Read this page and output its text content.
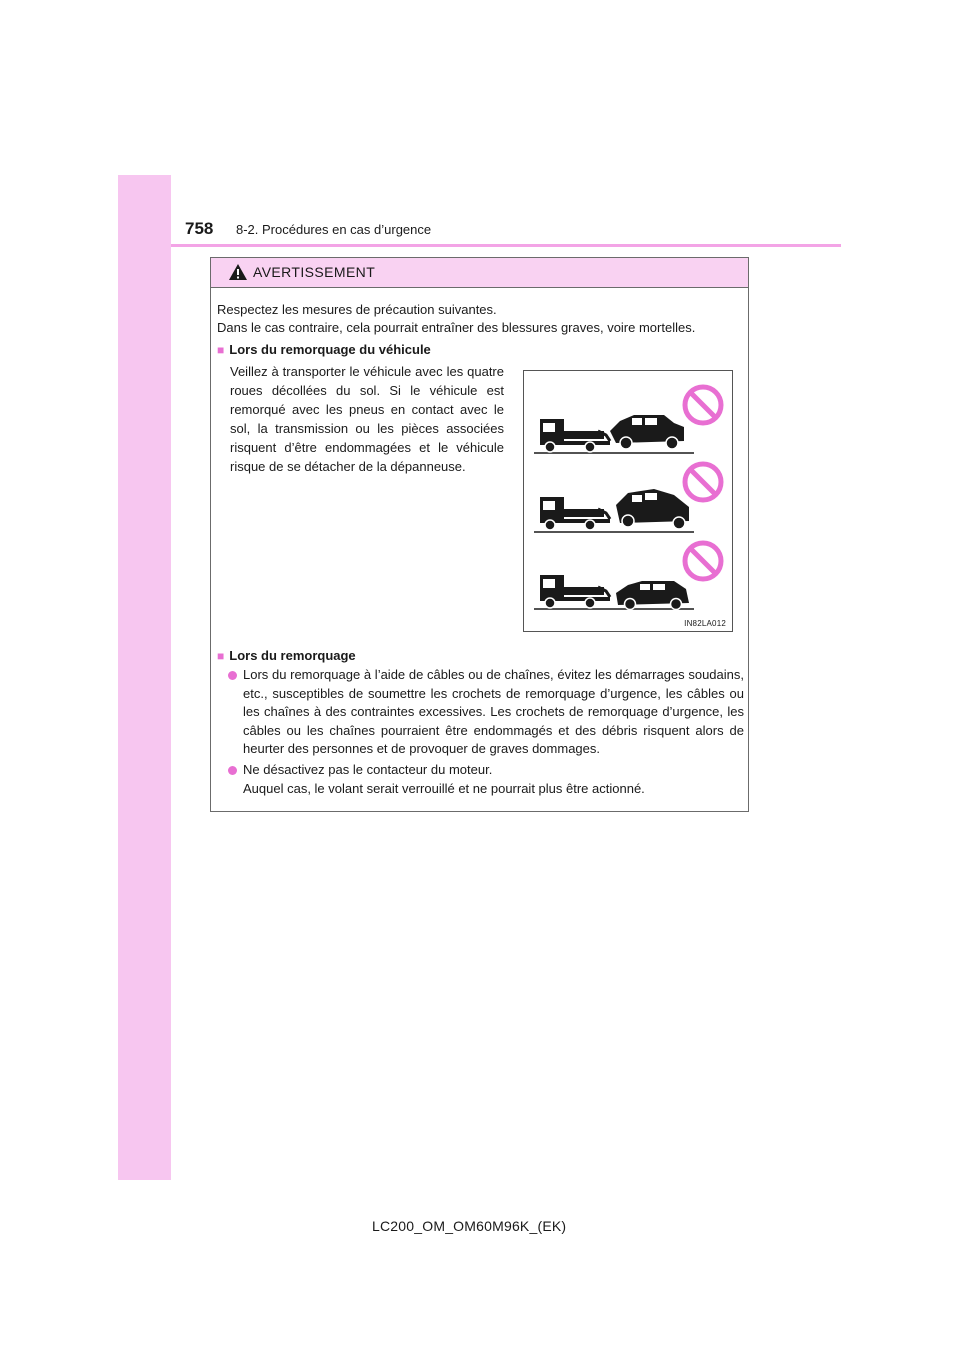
758 8-2. Procédures en cas d’urgence
AVERTISSEMENT
Respectez les mesures de précaution suivantes.
Dans le cas contraire, cela pourrait entraîner des blessures graves, voire mortelles.
■ Lors du remorquage du véhicule
Veillez à transporter le véhicule avec les quatre roues décollées du sol. Si le véhicule est remorqué avec les pneus en contact avec le sol, la transmission ou les pièces associées risquent d’être endommagées et le véhicule risque de se détacher de la dépanneuse.
IN82LA012
■ Lors du remorquage
Lors du remorquage à l’aide de câbles ou de chaînes, évitez les démarrages soudains, etc., susceptibles de soumettre les crochets de remorquage d’urgence, les câbles ou les chaînes à des contraintes excessives. Les crochets de remorquage d’urgence, les câbles ou les chaînes pourraient être endommagés et des débris risquent alors de heurter des personnes et de provoquer de graves dommages.
Ne désactivez pas le contacteur du moteur.
Auquel cas, le volant serait verrouillé et ne pourrait plus être actionné.
LC200_OM_OM60M96K_(EK)
